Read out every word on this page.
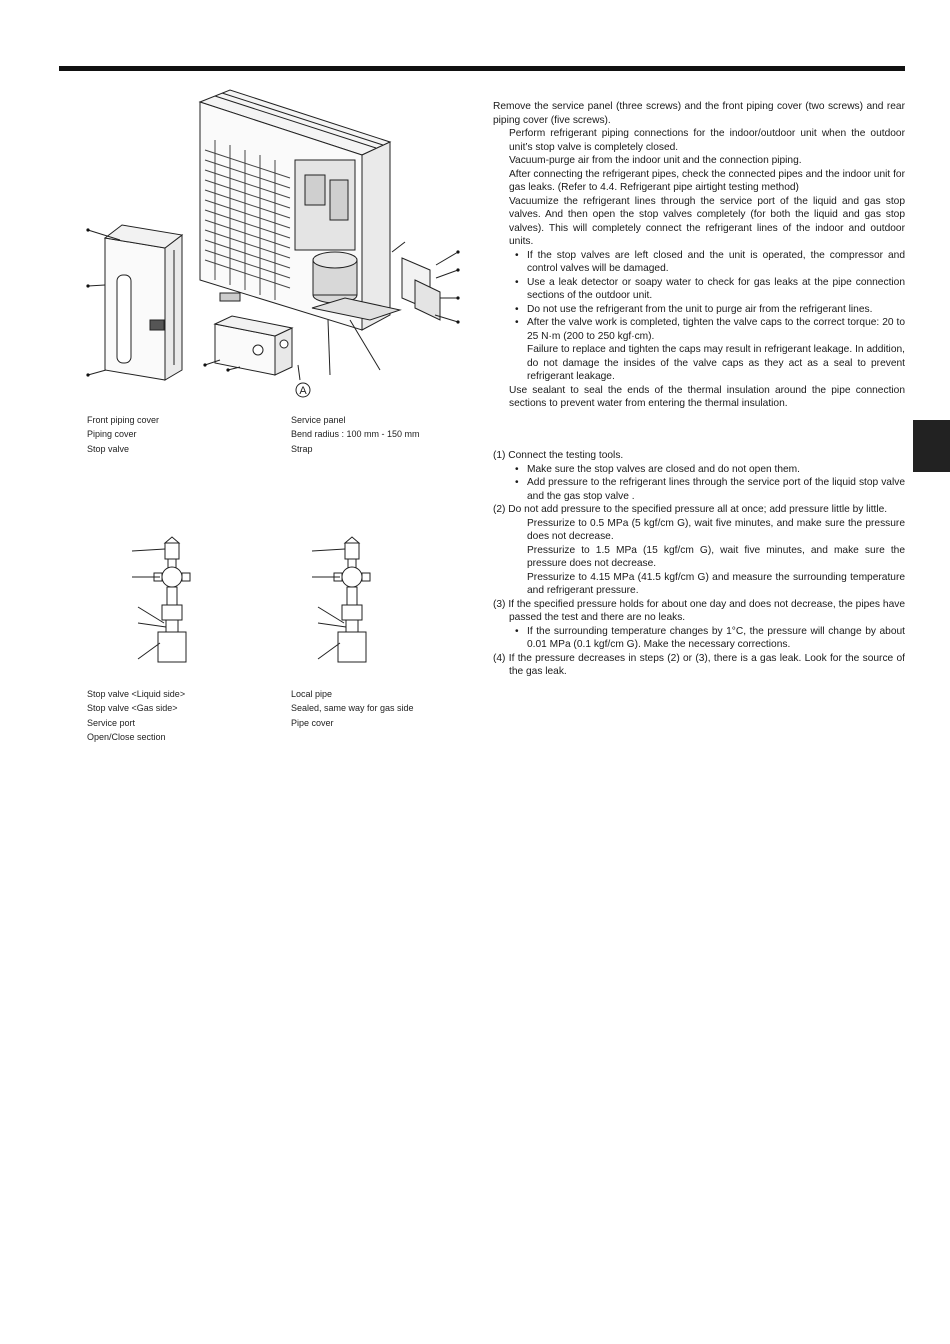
A
Front piping cover
Piping cover
Stop valve
Service panel
Bend radius : 100 mm - 150 mm
Strap
Stop valve <Liquid side>
Stop valve <Gas side>
Service port
Open/Close section
Local pipe
Sealed, same way for gas side
Pipe cover

Remove the service panel (three screws) and the front piping cover (two screws) and rear piping cover (five screws).

Perform refrigerant piping connections for the indoor/outdoor unit when the outdoor unit’s stop valve is completely closed.

Vacuum-purge air from the indoor unit and the connection piping.

After connecting the refrigerant pipes, check the connected pipes and the indoor unit for gas leaks. (Refer to 4.4. Refrigerant pipe airtight testing method)

Vacuumize the refrigerant lines through the service port of the liquid and gas stop valves. And then open the stop valves completely (for both the liquid and gas stop valves). This will completely connect the refrigerant lines of the indoor and outdoor units.

• If the stop valves are left closed and the unit is operated, the compressor and control valves will be damaged.

• Use a leak detector or soapy water to check for gas leaks at the pipe connection sections of the outdoor unit.

• Do not use the refrigerant from the unit to purge air from the refrigerant lines.

• After the valve work is completed, tighten the valve caps to the correct torque: 20 to 25 N·m (200 to 250 kgf·cm).

Failure to replace and tighten the caps may result in refrigerant leakage. In addition, do not damage the insides of the valve caps as they act as a seal to prevent refrigerant leakage.

Use sealant to seal the ends of the thermal insulation around the pipe connection sections to prevent water from entering the thermal insulation.

(1) Connect the testing tools.

• Make sure the stop valves are closed and do not open them.

• Add pressure to the refrigerant lines through the service port of the liquid stop valve and the gas stop valve .

(2) Do not add pressure to the specified pressure all at once; add pressure little by little.

Pressurize to 0.5 MPa (5 kgf/cm G), wait five minutes, and make sure the pressure does not decrease.

Pressurize to 1.5 MPa (15 kgf/cm G), wait five minutes, and make sure the pressure does not decrease.

Pressurize to 4.15 MPa (41.5 kgf/cm G) and measure the surrounding temperature and refrigerant pressure.

(3) If the specified pressure holds for about one day and does not decrease, the pipes have passed the test and there are no leaks.

• If the surrounding temperature changes by 1°C, the pressure will change by about 0.01 MPa (0.1 kgf/cm G). Make the necessary corrections.

(4) If the pressure decreases in steps (2) or (3), there is a gas leak. Look for the source of the gas leak.
